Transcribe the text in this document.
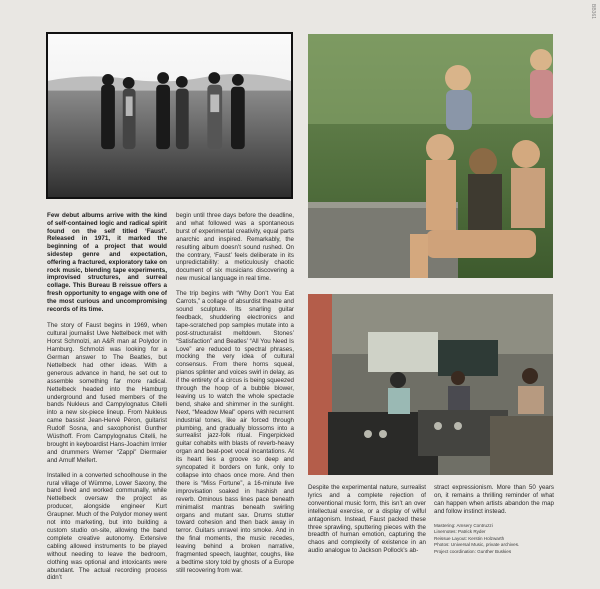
BB361

Few debut albums arrive with the kind of self-contained logic and radical spirit found on the self titled ‘Faust’. Released in 1971, it marked the beginning of a project that would sidestep genre and expectation, offering a fractured, exploratory take on rock music, blending tape experiments, improvised structures, and surreal collage. This Bureau B reissue offers a fresh opportunity to engage with one of the most curious and uncompromising records of its time.

The story of Faust begins in 1969, when cultural journalist Uwe Nettelbeck met with Horst Schmolzi, an A&R man at Polydor in Hamburg. Schmolzi was looking for a German answer to The Beatles, but Nettelbeck had other ideas. With a generous advance in hand, he set out to assemble something far more radical. Nettelbeck headed into the Hamburg underground and fused members of the bands Nukleus and Campylognatus Citelli into a new six-piece lineup. From Nukleus came bassist Jean-Hervé Péron, guitarist Rudolf Sosna, and saxophonist Gunther Wüsthoff. From Campylognatus Citelli, he brought in keyboardist Hans-Joachim Irmler and drummers Werner “Zappi” Diermaier and Arnulf Meifert.

Installed in a converted schoolhouse in the rural village of Wümme, Lower Saxony, the band lived and worked communally, while Nettelbeck oversaw the project as producer, alongside engineer Kurt Graupner. Much of the Polydor money went not into marketing, but into building a custom studio on-site, allowing the band complete creative autonomy. Extensive cabling allowed instruments to be played without needing to leave the bedroom, clothing was optional and intoxicants were abundant. The actual recording process didn’t

begin until three days before the deadline, and what followed was a spontaneous burst of experimental creativity, equal parts anarchic and inspired. Remarkably, the resulting album doesn’t sound rushed. On the contrary, ‘Faust’ feels deliberate in its unpredictability: a meticulously chaotic document of six musicians discovering a new musical language in real time.

The trip begins with “Why Don’t You Eat Carrots,” a collage of absurdist theatre and sound sculpture. Its snarling guitar feedback, shuddering electronics and tape-scratched pop samples mutate into a post-structuralist meltdown. Stones’ “Satisfaction” and Beatles’ “All You Need Is Love” are reduced to spectral phrases, mocking the very idea of cultural consensus. From there horns squeal, pianos splinter and voices swirl in delay, as if the entirety of a circus is being squeezed through the hoop of a bubble blower, leaving us to watch the whole spectacle bend, shake and shimmer in the sunlight. Next, “Meadow Meal” opens with recurrent industrial tones, like air forced through plumbing, and gradually blossoms into a surrealist jazz-folk ritual. Fingerpicked guitar cohabits with blasts of reverb-heavy organ and beat-poet vocal incantations. At its heart lies a groove so deep and syncopated it borders on funk, only to collapse into chaos once more. And then there is “Miss Fortune”, a 16-minute live improvisation soaked in hashish and reverb. Ominous bass lines pace beneath minimalist mantras beneath swirling organs and mutant sax. Drums stutter toward cohesion and then back away in terror. Guitars unravel into smoke. And in the final moments, the music recedes, leaving behind a broken narrative, fragmented speech, laughter, coughs, like a bedtime story told by ghosts of a Europe still recovering from war.

Despite the experimental nature, surrealist lyrics and a complete rejection of conventional music form, this isn’t an over intellectual exercise, or a display of wilful antagonism. Instead, Faust packed these three sprawling, sputtering pieces with the breadth of human emotion, capturing the chaos and complexity of existence in an audio analogue to Jackson Pollock’s ab-

stract expressionism. More than 50 years on, it remains a thrilling reminder of what can happen when artists abandon the map and follow instinct instead.

Mastering: Amsery Contruzzi
Linernotes: Patrick Ryder
Reissue Layout: Kerstin Holzwarth
Photos: Universal Music, private archives.
Project coordination: Gunther Buskies
